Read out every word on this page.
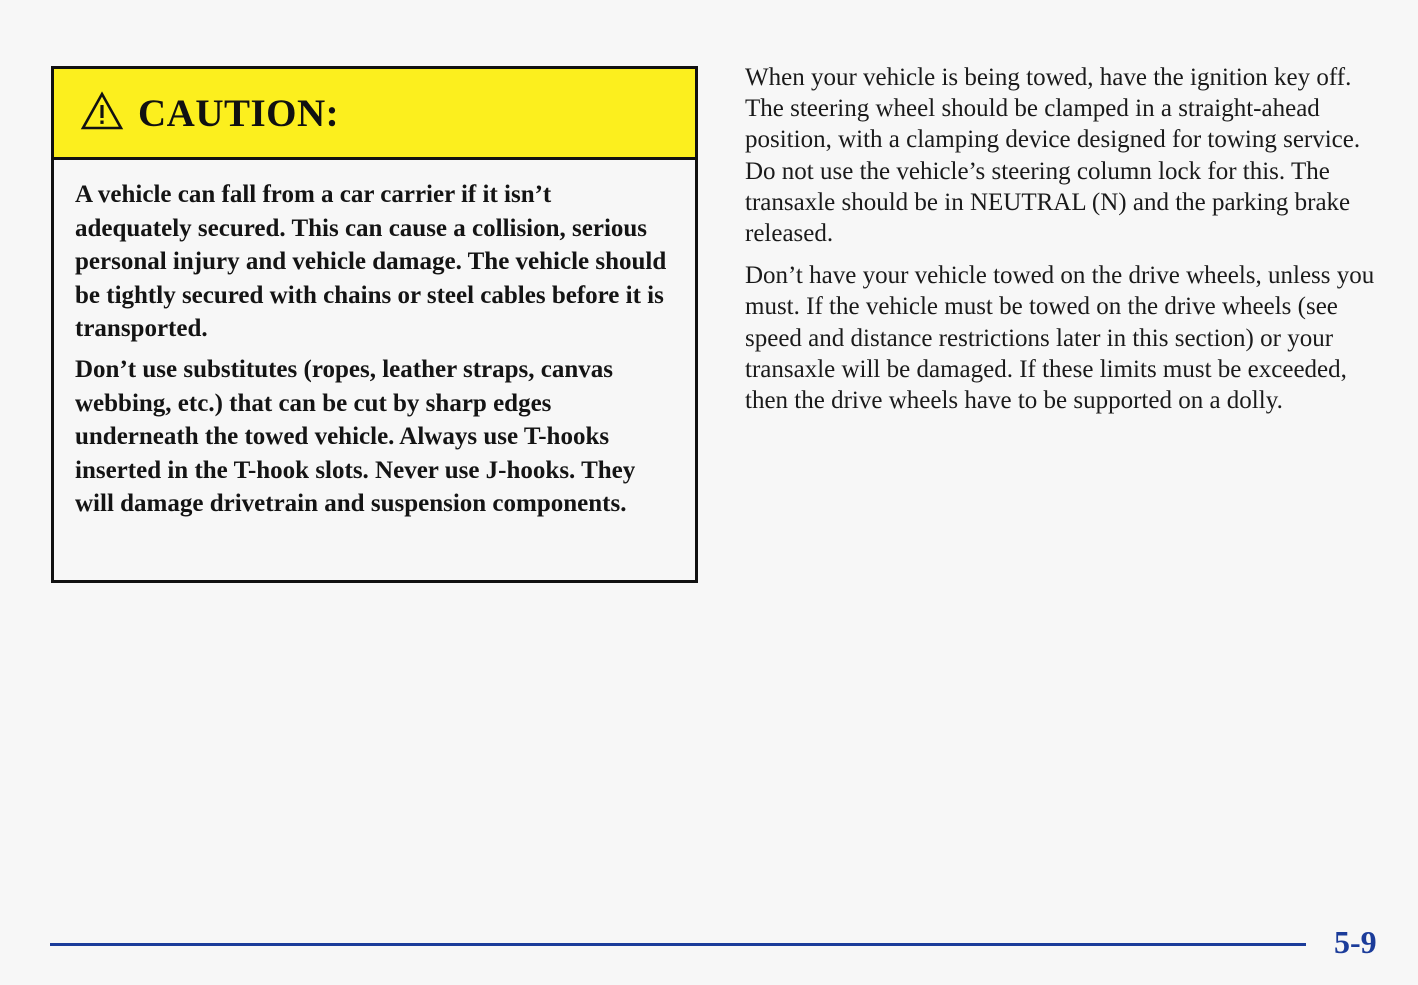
CAUTION:

A vehicle can fall from a car carrier if it isn’t adequately secured. This can cause a collision, serious personal injury and vehicle damage. The vehicle should be tightly secured with chains or steel cables before it is transported.

Don’t use substitutes (ropes, leather straps, canvas webbing, etc.) that can be cut by sharp edges underneath the towed vehicle. Always use T-hooks inserted in the T-hook slots. Never use J-hooks. They will damage drivetrain and suspension components.

When your vehicle is being towed, have the ignition key off. The steering wheel should be clamped in a straight-ahead position, with a clamping device designed for towing service. Do not use the vehicle’s steering column lock for this. The transaxle should be in NEUTRAL (N) and the parking brake released.

Don’t have your vehicle towed on the drive wheels, unless you must. If the vehicle must be towed on the drive wheels (see speed and distance restrictions later in this section) or your transaxle will be damaged. If these limits must be exceeded, then the drive wheels have to be supported on a dolly.

5-9
